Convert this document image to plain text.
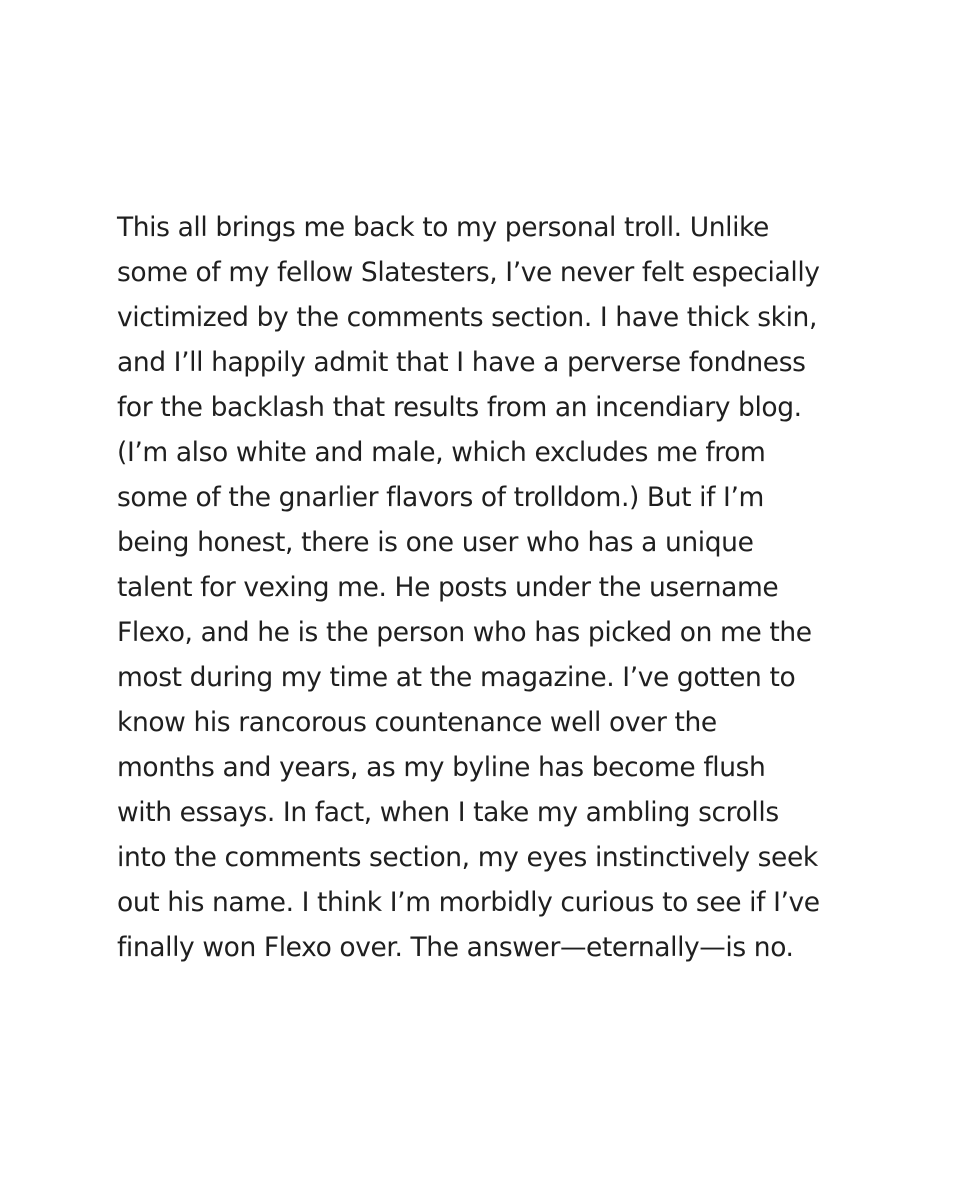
This all brings me back to my personal troll. Unlike
some of my fellow Slatesters, I’ve never felt especially
victimized by the comments section. I have thick skin,
and I’ll happily admit that I have a perverse fondness
for the backlash that results from an incendiary blog.
(I’m also white and male, which excludes me from
some of the gnarlier flavors of trolldom.) But if I’m
being honest, there is one user who has a unique
talent for vexing me. He posts under the username
Flexo, and he is the person who has picked on me the
most during my time at the magazine. I’ve gotten to
know his rancorous countenance well over the
months and years, as my byline has become flush
with essays. In fact, when I take my ambling scrolls
into the comments section, my eyes instinctively seek
out his name. I think I’m morbidly curious to see if I’ve
finally won Flexo over. The answer—eternally—is no.
